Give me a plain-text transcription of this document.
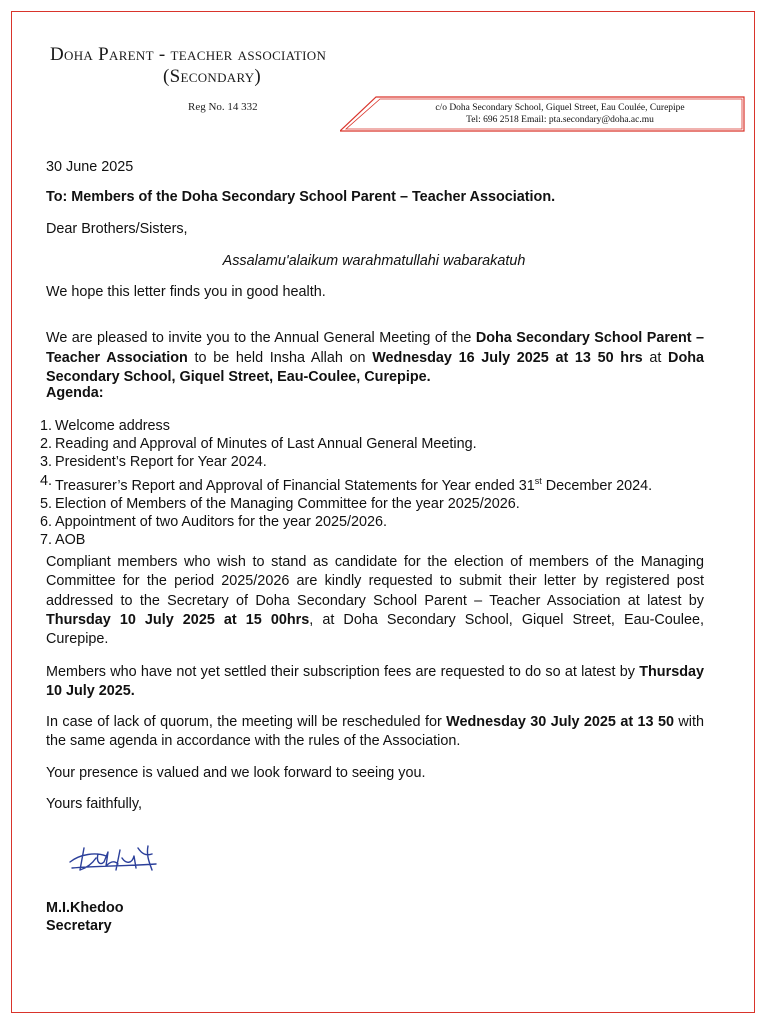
Doha Parent - teacher association
(Secondary)
Reg No. 14 332	c/o Doha Secondary School, Giquel Street, Eau Coulée, Curepipe
Tel: 696 2518 Email: pta.secondary@doha.ac.mu
30 June 2025
To: Members of the Doha Secondary School Parent – Teacher Association.
Dear Brothers/Sisters,
Assalamu'alaikum warahmatullahi wabarakatuh
We hope this letter finds you in good health.

We are pleased to invite you to the Annual General Meeting of the Doha Secondary School Parent – Teacher Association to be held Insha Allah on Wednesday 16 July 2025 at 13 50 hrs at Doha Secondary School, Giquel Street, Eau-Coulee, Curepipe.

Agenda:
1. Welcome address
2. Reading and Approval of Minutes of Last Annual General Meeting.
3. President’s Report for Year 2024.
4. Treasurer’s Report and Approval of Financial Statements for Year ended 31st December 2024.
5. Election of Members of the Managing Committee for the year 2025/2026.
6. Appointment of two Auditors for the year 2025/2026.
7. AOB

Compliant members who wish to stand as candidate for the election of members of the Managing Committee for the period 2025/2026 are kindly requested to submit their letter by registered post addressed to the Secretary of Doha Secondary School Parent – Teacher Association at latest by Thursday 10 July 2025 at 15 00hrs, at Doha Secondary School, Giquel Street, Eau-Coulee, Curepipe.

Members who have not yet settled their subscription fees are requested to do so at latest by Thursday 10 July 2025.

In case of lack of quorum, the meeting will be rescheduled for Wednesday 30 July 2025 at 13 50 with the same agenda in accordance with the rules of the Association.

Your presence is valued and we look forward to seeing you.

Yours faithfully,

M.I.Khedoo
Secretary
